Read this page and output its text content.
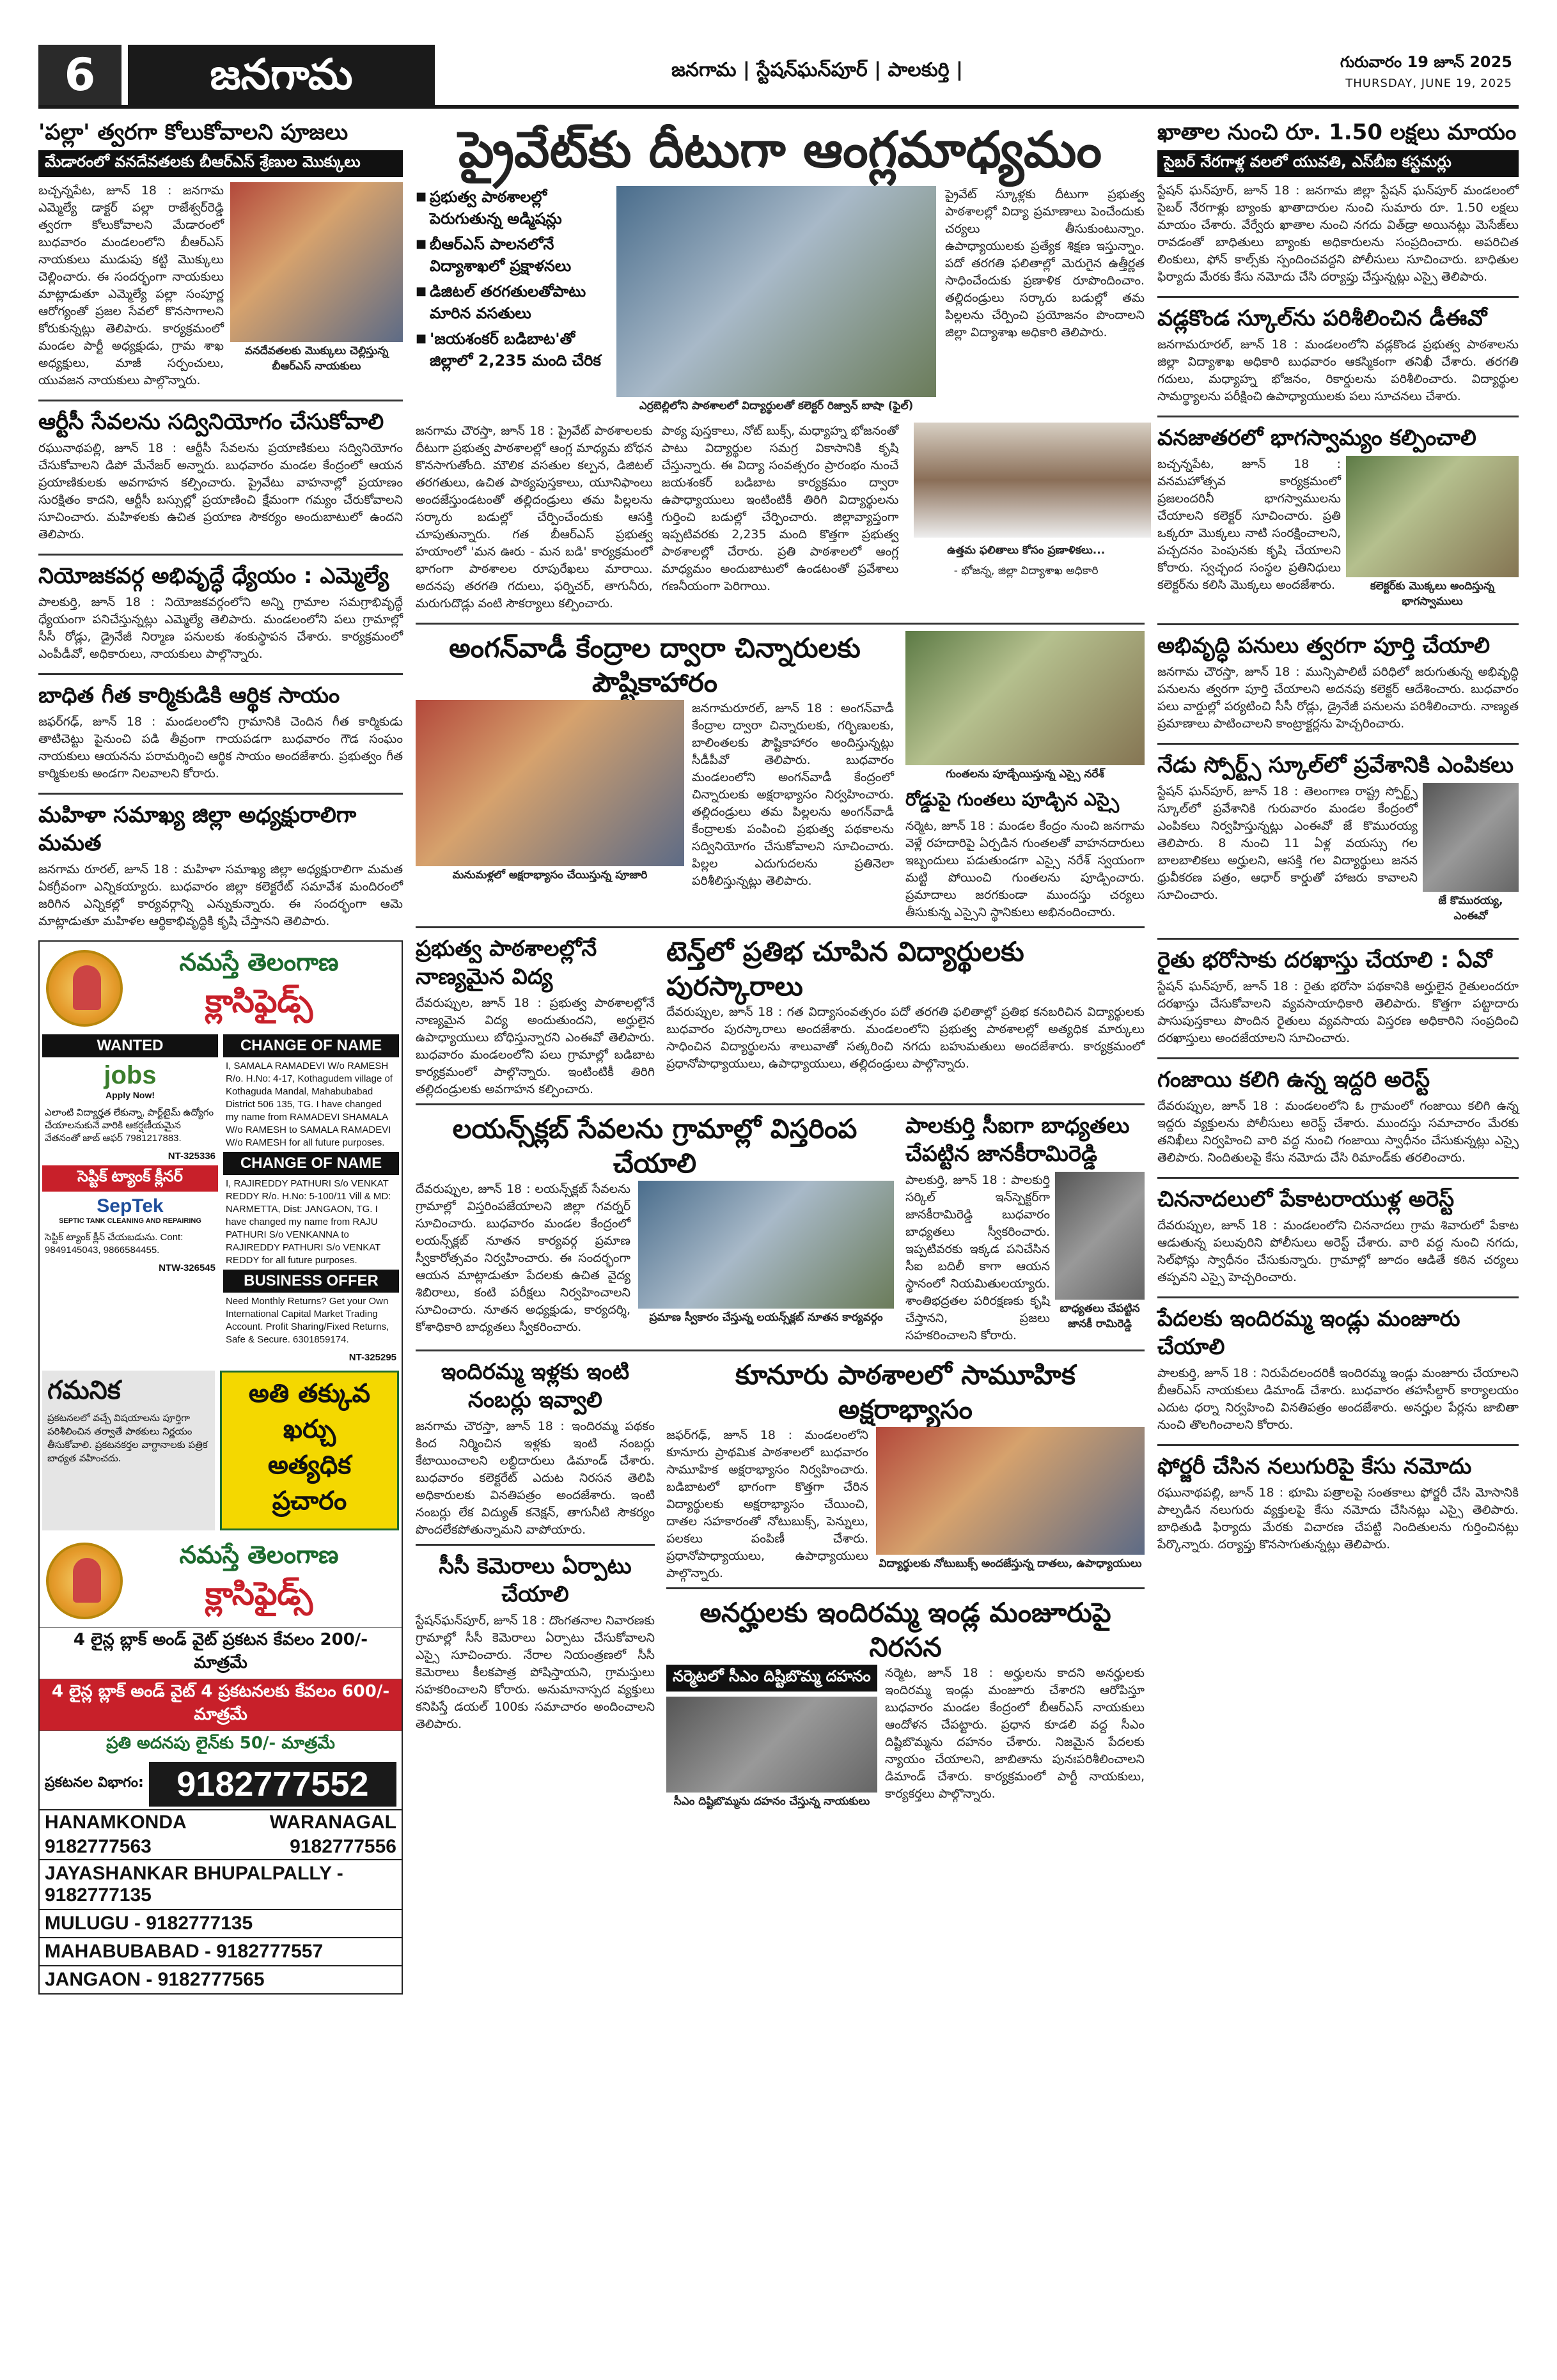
6	జనగామ	జనగామ | స్టేషన్‌ఘన్‌పూర్ | పాలకుర్తి |	గురువారం 19 జూన్ 2025
THURSDAY, JUNE 19, 2025
'పల్లా' త్వరగా కోలుకోవాలని పూజలు
మేడారంలో వనదేవతలకు బీఆర్ఎస్ శ్రేణుల మొక్కులు
బచ్చన్నపేట, జూన్ 18 : జనగామ ఎమ్మెల్యే డాక్టర్ పల్లా రాజేశ్వర్‌రెడ్డి త్వరగా కోలుకోవాలని మేడారంలో బుధవారం మండలంలోని బీఆర్ఎస్ నాయకులు ముడుపు కట్టి మొక్కులు చెల్లించారు. ఈ సందర్భంగా నాయకులు మాట్లాడుతూ ఎమ్మెల్యే పల్లా సంపూర్ణ ఆరోగ్యంతో ప్రజల సేవలో కొనసాగాలని కోరుకున్నట్లు తెలిపారు. కార్యక్రమంలో మండల పార్టీ అధ్యక్షుడు, గ్రామ శాఖ అధ్యక్షులు, మాజీ సర్పంచులు, యువజన నాయకులు పాల్గొన్నారు.
వనదేవతలకు మొక్కులు చెల్లిస్తున్న బీఆర్ఎస్ నాయకులు
ఆర్టీసీ సేవలను సద్వినియోగం చేసుకోవాలి
రఘునాథపల్లి, జూన్ 18 : ఆర్టీసీ సేవలను ప్రయాణికులు సద్వినియోగం చేసుకోవాలని డిపో మేనేజర్ అన్నారు. బుధవారం మండల కేంద్రంలో ఆయన ప్రయాణికులకు అవగాహన కల్పించారు. ప్రైవేటు వాహనాల్లో ప్రయాణం సురక్షితం కాదని, ఆర్టీసీ బస్సుల్లో ప్రయాణించి క్షేమంగా గమ్యం చేరుకోవాలని సూచించారు. మహిళలకు ఉచిత ప్రయాణ సౌకర్యం అందుబాటులో ఉందని తెలిపారు.
నియోజకవర్గ అభివృద్ధే ధ్యేయం : ఎమ్మెల్యే
పాలకుర్తి, జూన్ 18 : నియోజకవర్గంలోని అన్ని గ్రామాల సమగ్రాభివృద్ధే ధ్యేయంగా పనిచేస్తున్నట్లు ఎమ్మెల్యే తెలిపారు. మండలంలోని పలు గ్రామాల్లో సీసీ రోడ్లు, డ్రైనేజీ నిర్మాణ పనులకు శంకుస్థాపన చేశారు. కార్యక్రమంలో ఎంపీడీవో, అధికారులు, నాయకులు పాల్గొన్నారు.
బాధిత గీత కార్మికుడికి ఆర్థిక సాయం
జఫర్‌గఢ్, జూన్ 18 : మండలంలోని గ్రామానికి చెందిన గీత కార్మికుడు తాటిచెట్టు పైనుంచి పడి తీవ్రంగా గాయపడగా బుధవారం గౌడ సంఘం నాయకులు ఆయనను పరామర్శించి ఆర్థిక సాయం అందజేశారు. ప్రభుత్వం గీత కార్మికులకు అండగా నిలవాలని కోరారు.
మహిళా సమాఖ్య జిల్లా అధ్యక్షురాలిగా మమత
జనగామ రూరల్, జూన్ 18 : మహిళా సమాఖ్య జిల్లా అధ్యక్షురాలిగా మమత ఏకగ్రీవంగా ఎన్నికయ్యారు. బుధవారం జిల్లా కలెక్టరేట్ సమావేశ మందిరంలో జరిగిన ఎన్నికల్లో కార్యవర్గాన్ని ఎన్నుకున్నారు. ఈ సందర్భంగా ఆమె మాట్లాడుతూ మహిళల ఆర్థికాభివృద్ధికి కృషి చేస్తానని తెలిపారు.
నమస్తే తెలంగాణ
క్లాసిఫైడ్స్
WANTED
jobs
Apply Now!
ఎలాంటి విద్యార్హత లేకున్నా, పార్ట్‌టైమ్ ఉద్యోగం చేయాలనుకునే వారికి ఆకర్షణీయమైన వేతనంతో జాబ్ ఆఫర్ 7981217883.
NT-325336
సెప్టిక్ ట్యాంక్ క్లీనర్
SepTek
SEPTIC TANK CLEANING AND REPAIRING
సెప్టిక్ ట్యాంక్ క్లీన్ చేయబడును. Cont: 9849145043, 9866584455.
NTW-326545
CHANGE OF NAME
I, SAMALA RAMADEVI W/o RAMESH R/o. H.No: 4-17, Kothagudem village of Kothaguda Mandal, Mahabubabad District 506 135, TG. I have changed my name from RAMADEVI SHAMALA W/o RAMESH to SAMALA RAMADEVI W/o RAMESH for all future purposes.
CHANGE OF NAME
I, RAJIREDDY PATHURI S/o VENKAT REDDY R/o. H.No: 5-100/11 Vill & MD: NARMETTA, Dist: JANGAON, TG. I have changed my name from RAJU PATHURI S/o VENKANNA to RAJIREDDY PATHURI S/o VENKAT REDDY for all future purposes.
BUSINESS OFFER
Need Monthly Returns? Get your Own International Capital Market Trading Account. Profit Sharing/Fixed Returns, Safe & Secure. 6301859174.
NT-325295
గమనిక
ప్రకటనలలో వచ్చే విషయాలను పూర్తిగా పరిశీలించిన తర్వాతే పాఠకులు నిర్ణయం తీసుకోవాలి. ప్రకటనకర్తల వాగ్దానాలకు పత్రిక బాధ్యత వహించదు.
అతి తక్కువ ఖర్చు
అత్యధిక ప్రచారం
నమస్తే తెలంగాణ
క్లాసిఫైడ్స్
4 లైన్ల బ్లాక్ అండ్ వైట్ ప్రకటన కేవలం 200/- మాత్రమే
4 లైన్ల బ్లాక్ అండ్ వైట్ 4 ప్రకటనలకు కేవలం 600/- మాత్రమే
ప్రతి అదనపు లైన్‌కు 50/- మాత్రమే
ప్రకటనల విభాగం: 9182777552
HANAMKONDA	WARANAGAL
9182777563	9182777556
JAYASHANKAR BHUPALPALLY - 9182777135
MULUGU - 9182777135
MAHABUBABAD - 9182777557
JANGAON - 9182777565
ప్రైవేట్‌కు దీటుగా ఆంగ్లమాధ్యమం
■ ప్రభుత్వ పాఠశాలల్లో పెరుగుతున్న అడ్మిషన్లు
■ బీఆర్ఎస్ పాలనలోనే విద్యాశాఖలో ప్రక్షాళనలు
■ డిజిటల్ తరగతులతోపాటు మారిన వసతులు
■ 'జయశంకర్ బడిబాట'తో జిల్లాలో 2,235 మంది చేరిక
ఎర్రబెల్లిలోని పాఠశాలలో విద్యార్థులతో కలెక్టర్ రిజ్వాన్ బాషా (ఫైల్)
ప్రైవేట్ స్కూళ్లకు దీటుగా ప్రభుత్వ పాఠశాలల్లో విద్యా ప్రమాణాలు పెంచేందుకు చర్యలు తీసుకుంటున్నాం. ఉపాధ్యాయులకు ప్రత్యేక శిక్షణ ఇస్తున్నాం. పదో తరగతి ఫలితాల్లో మెరుగైన ఉత్తీర్ణత సాధించేందుకు ప్రణాళిక రూపొందించాం. తల్లిదండ్రులు సర్కారు బడుల్లో తమ పిల్లలను చేర్పించి ప్రయోజనం పొందాలని జిల్లా విద్యాశాఖ అధికారి తెలిపారు.
జనగామ చౌరస్తా, జూన్ 18 : ప్రైవేట్ పాఠశాలలకు దీటుగా ప్రభుత్వ పాఠశాలల్లో ఆంగ్ల మాధ్యమ బోధన కొనసాగుతోంది. మౌలిక వసతుల కల్పన, డిజిటల్ తరగతులు, ఉచిత పాఠ్యపుస్తకాలు, యూనిఫాంలు అందజేస్తుండటంతో తల్లిదండ్రులు తమ పిల్లలను సర్కారు బడుల్లో చేర్పించేందుకు ఆసక్తి చూపుతున్నారు. గత బీఆర్ఎస్ ప్రభుత్వ హయాంలో 'మన ఊరు - మన బడి' కార్యక్రమంలో భాగంగా పాఠశాలల రూపురేఖలు మారాయి. అదనపు తరగతి గదులు, ఫర్నిచర్, తాగునీరు, మరుగుదొడ్లు వంటి సౌకర్యాలు కల్పించారు.
పాఠ్య పుస్తకాలు, నోట్ బుక్స్, మధ్యాహ్న భోజనంతో పాటు విద్యార్థుల సమగ్ర వికాసానికి కృషి చేస్తున్నారు. ఈ విద్యా సంవత్సరం ప్రారంభం నుంచే జయశంకర్ బడిబాట కార్యక్రమం ద్వారా ఉపాధ్యాయులు ఇంటింటికీ తిరిగి విద్యార్థులను గుర్తించి బడుల్లో చేర్పించారు. జిల్లావ్యాప్తంగా ఇప్పటివరకు 2,235 మంది కొత్తగా ప్రభుత్వ పాఠశాలల్లో చేరారు. ప్రతి పాఠశాలలో ఆంగ్ల మాధ్యమం అందుబాటులో ఉండటంతో ప్రవేశాలు గణనీయంగా పెరిగాయి.
ఉత్తమ ఫలితాలు కోసం ప్రణాళికలు...
- భోజన్న, జిల్లా విద్యాశాఖ అధికారి
అంగన్‌వాడీ కేంద్రాల ద్వారా చిన్నారులకు పౌష్టికాహారం
మనుమళ్లలో అక్షరాభ్యాసం చేయిస్తున్న పూజారి
జనగామరూరల్, జూన్ 18 : అంగన్‌వాడీ కేంద్రాల ద్వారా చిన్నారులకు, గర్భిణులకు, బాలింతలకు పౌష్టికాహారం అందిస్తున్నట్లు సీడీపీవో తెలిపారు. బుధవారం మండలంలోని అంగన్‌వాడీ కేంద్రంలో చిన్నారులకు అక్షరాభ్యాసం నిర్వహించారు. తల్లిదండ్రులు తమ పిల్లలను అంగన్‌వాడీ కేంద్రాలకు పంపించి ప్రభుత్వ పథకాలను సద్వినియోగం చేసుకోవాలని సూచించారు. పిల్లల ఎదుగుదలను ప్రతినెలా పరిశీలిస్తున్నట్లు తెలిపారు.
గుంతలను పూడ్చేయిస్తున్న ఎస్సై నరేశ్
రోడ్డుపై గుంతలు పూడ్చిన ఎస్సై
నర్మెట, జూన్ 18 : మండల కేంద్రం నుంచి జనగామ వెళ్లే రహదారిపై ఏర్పడిన గుంతలతో వాహనదారులు ఇబ్బందులు పడుతుండగా ఎస్సై నరేశ్ స్వయంగా మట్టి పోయించి గుంతలను పూడ్పించారు. ప్రమాదాలు జరగకుండా ముందస్తు చర్యలు తీసుకున్న ఎస్సైని స్థానికులు అభినందించారు.
ప్రభుత్వ పాఠశాలల్లోనే నాణ్యమైన విద్య
దేవరుప్పుల, జూన్ 18 : ప్రభుత్వ పాఠశాలల్లోనే నాణ్యమైన విద్య అందుతుందని, అర్హులైన ఉపాధ్యాయులు బోధిస్తున్నారని ఎంఈవో తెలిపారు. బుధవారం మండలంలోని పలు గ్రామాల్లో బడిబాట కార్యక్రమంలో పాల్గొన్నారు. ఇంటింటికీ తిరిగి తల్లిదండ్రులకు అవగాహన కల్పించారు.
టెన్త్‌లో ప్రతిభ చూపిన విద్యార్థులకు పురస్కారాలు
దేవరుప్పుల, జూన్ 18 : గత విద్యాసంవత్సరం పదో తరగతి ఫలితాల్లో ప్రతిభ కనబరిచిన విద్యార్థులకు బుధవారం పురస్కారాలు అందజేశారు. మండలంలోని ప్రభుత్వ పాఠశాలల్లో అత్యధిక మార్కులు సాధించిన విద్యార్థులను శాలువాతో సత్కరించి నగదు బహుమతులు అందజేశారు. కార్యక్రమంలో ప్రధానోపాధ్యాయులు, ఉపాధ్యాయులు, తల్లిదండ్రులు పాల్గొన్నారు.
లయన్స్‌క్లబ్ సేవలను గ్రామాల్లో విస్తరింప చేయాలి
దేవరుప్పుల, జూన్ 18 : లయన్స్‌క్లబ్ సేవలను గ్రామాల్లో విస్తరింపజేయాలని జిల్లా గవర్నర్ సూచించారు. బుధవారం మండల కేంద్రంలో లయన్స్‌క్లబ్ నూతన కార్యవర్గ ప్రమాణ స్వీకారోత్సవం నిర్వహించారు. ఈ సందర్భంగా ఆయన మాట్లాడుతూ పేదలకు ఉచిత వైద్య శిబిరాలు, కంటి పరీక్షలు నిర్వహించాలని సూచించారు. నూతన అధ్యక్షుడు, కార్యదర్శి, కోశాధికారి బాధ్యతలు స్వీకరించారు.
ప్రమాణ స్వీకారం చేస్తున్న లయన్స్‌క్లబ్ నూతన కార్యవర్గం
పాలకుర్తి సీఐగా బాధ్యతలు చేపట్టిన జానకీరామిరెడ్డి
పాలకుర్తి, జూన్ 18 : పాలకుర్తి సర్కిల్ ఇన్‌స్పెక్టర్‌గా జానకీరామిరెడ్డి బుధవారం బాధ్యతలు స్వీకరించారు. ఇప్పటివరకు ఇక్కడ పనిచేసిన సీఐ బదిలీ కాగా ఆయన స్థానంలో నియమితులయ్యారు. శాంతిభద్రతల పరిరక్షణకు కృషి చేస్తానని, ప్రజలు సహకరించాలని కోరారు.
బాధ్యతలు చేపట్టిన జానకీ రామిరెడ్డి
ఇందిరమ్మ ఇళ్లకు ఇంటి నంబర్లు ఇవ్వాలి
జనగామ చౌరస్తా, జూన్ 18 : ఇందిరమ్మ పథకం కింద నిర్మించిన ఇళ్లకు ఇంటి నంబర్లు కేటాయించాలని లబ్ధిదారులు డిమాండ్ చేశారు. బుధవారం కలెక్టరేట్ ఎదుట నిరసన తెలిపి అధికారులకు వినతిపత్రం అందజేశారు. ఇంటి నంబర్లు లేక విద్యుత్ కనెక్షన్, తాగునీటి సౌకర్యం పొందలేకపోతున్నామని వాపోయారు.
సీసీ కెమెరాలు ఏర్పాటు చేయాలి
స్టేషన్‌ఘన్‌పూర్, జూన్ 18 : దొంగతనాల నివారణకు గ్రామాల్లో సీసీ కెమెరాలు ఏర్పాటు చేసుకోవాలని ఎస్సై సూచించారు. నేరాల నియంత్రణలో సీసీ కెమెరాలు కీలకపాత్ర పోషిస్తాయని, గ్రామస్తులు సహకరించాలని కోరారు. అనుమానాస్పద వ్యక్తులు కనిపిస్తే డయల్ 100కు సమాచారం అందించాలని తెలిపారు.
కూనూరు పాఠశాలలో సామూహిక అక్షరాభ్యాసం
జఫర్‌గఢ్, జూన్ 18 : మండలంలోని కూనూరు ప్రాథమిక పాఠశాలలో బుధవారం సామూహిక అక్షరాభ్యాసం నిర్వహించారు. బడిబాటలో భాగంగా కొత్తగా చేరిన విద్యార్థులకు అక్షరాభ్యాసం చేయించి, దాతల సహకారంతో నోటుబుక్స్, పెన్నులు, పలకలు పంపిణీ చేశారు. ప్రధానోపాధ్యాయులు, ఉపాధ్యాయులు పాల్గొన్నారు.
విద్యార్థులకు నోటుబుక్స్ అందజేస్తున్న దాతలు, ఉపాధ్యాయులు
అనర్హులకు ఇందిరమ్మ ఇండ్ల మంజూరుపై నిరసన
నర్మెటలో సీఎం దిష్టిబొమ్మ దహనం
సీఎం దిష్టిబొమ్మను దహనం చేస్తున్న నాయకులు
నర్మెట, జూన్ 18 : అర్హులను కాదని అనర్హులకు ఇందిరమ్మ ఇండ్లు మంజూరు చేశారని ఆరోపిస్తూ బుధవారం మండల కేంద్రంలో బీఆర్ఎస్ నాయకులు ఆందోళన చేపట్టారు. ప్రధాన కూడలి వద్ద సీఎం దిష్టిబొమ్మను దహనం చేశారు. నిజమైన పేదలకు న్యాయం చేయాలని, జాబితాను పునఃపరిశీలించాలని డిమాండ్ చేశారు. కార్యక్రమంలో పార్టీ నాయకులు, కార్యకర్తలు పాల్గొన్నారు.
ఖాతాల నుంచి రూ. 1.50 లక్షలు మాయం
సైబర్ నేరగాళ్ల వలలో యువతి, ఎస్‌బీఐ కస్టమర్లు
స్టేషన్ ఘన్‌పూర్, జూన్ 18 : జనగామ జిల్లా స్టేషన్ ఘన్‌పూర్ మండలంలో సైబర్ నేరగాళ్లు బ్యాంకు ఖాతాదారుల నుంచి సుమారు రూ. 1.50 లక్షలు మాయం చేశారు. వేర్వేరు ఖాతాల నుంచి నగదు విత్‌డ్రా అయినట్లు మెసేజ్‌లు రావడంతో బాధితులు బ్యాంకు అధికారులను సంప్రదించారు. అపరిచిత లింకులు, ఫోన్ కాల్స్‌కు స్పందించవద్దని పోలీసులు సూచించారు. బాధితుల ఫిర్యాదు మేరకు కేసు నమోదు చేసి దర్యాప్తు చేస్తున్నట్లు ఎస్సై తెలిపారు.
వడ్లకొండ స్కూల్‌ను పరిశీలించిన డీఈవో
జనగామరూరల్, జూన్ 18 : మండలంలోని వడ్లకొండ ప్రభుత్వ పాఠశాలను జిల్లా విద్యాశాఖ అధికారి బుధవారం ఆకస్మికంగా తనిఖీ చేశారు. తరగతి గదులు, మధ్యాహ్న భోజనం, రికార్డులను పరిశీలించారు. విద్యార్థుల సామర్థ్యాలను పరీక్షించి ఉపాధ్యాయులకు పలు సూచనలు చేశారు.
వనజాతరలో భాగస్వామ్యం కల్పించాలి
బచ్చన్నపేట, జూన్ 18 : వనమహోత్సవ కార్యక్రమంలో ప్రజలందరినీ భాగస్వాములను చేయాలని కలెక్టర్ సూచించారు. ప్రతి ఒక్కరూ మొక్కలు నాటి సంరక్షించాలని, పచ్చదనం పెంపునకు కృషి చేయాలని కోరారు. స్వచ్ఛంద సంస్థల ప్రతినిధులు కలెక్టర్‌ను కలిసి మొక్కలు అందజేశారు.	కలెక్టర్‌కు మొక్కలు అందిస్తున్న భాగస్వాములు
అభివృద్ధి పనులు త్వరగా పూర్తి చేయాలి
జనగామ చౌరస్తా, జూన్ 18 : మున్సిపాలిటీ పరిధిలో జరుగుతున్న అభివృద్ధి పనులను త్వరగా పూర్తి చేయాలని అదనపు కలెక్టర్ ఆదేశించారు. బుధవారం పలు వార్డుల్లో పర్యటించి సీసీ రోడ్లు, డ్రైనేజీ పనులను పరిశీలించారు. నాణ్యత ప్రమాణాలు పాటించాలని కాంట్రాక్టర్లను హెచ్చరించారు.
నేడు స్పోర్ట్స్ స్కూల్‌లో ప్రవేశానికి ఎంపికలు
స్టేషన్ ఘన్‌పూర్, జూన్ 18 : తెలంగాణ రాష్ట్ర స్పోర్ట్స్ స్కూల్‌లో ప్రవేశానికి గురువారం మండల కేంద్రంలో ఎంపికలు నిర్వహిస్తున్నట్లు ఎంఈవో జే కొమురయ్య తెలిపారు. 8 నుంచి 11 ఏళ్ల వయస్సు గల బాలబాలికలు అర్హులని, ఆసక్తి గల విద్యార్థులు జనన ధ్రువీకరణ పత్రం, ఆధార్ కార్డుతో హాజరు కావాలని సూచించారు.	జే కొమురయ్య, ఎంఈవో
రైతు భరోసాకు దరఖాస్తు చేయాలి : ఏవో
స్టేషన్ ఘన్‌పూర్, జూన్ 18 : రైతు భరోసా పథకానికి అర్హులైన రైతులందరూ దరఖాస్తు చేసుకోవాలని వ్యవసాయాధికారి తెలిపారు. కొత్తగా పట్టాదారు పాసుపుస్తకాలు పొందిన రైతులు వ్యవసాయ విస్తరణ అధికారిని సంప్రదించి దరఖాస్తులు అందజేయాలని సూచించారు.
గంజాయి కలిగి ఉన్న ఇద్దరి అరెస్ట్
దేవరుప్పుల, జూన్ 18 : మండలంలోని ఓ గ్రామంలో గంజాయి కలిగి ఉన్న ఇద్దరు వ్యక్తులను పోలీసులు అరెస్ట్ చేశారు. ముందస్తు సమాచారం మేరకు తనిఖీలు నిర్వహించి వారి వద్ద నుంచి గంజాయి స్వాధీనం చేసుకున్నట్లు ఎస్సై తెలిపారు. నిందితులపై కేసు నమోదు చేసి రిమాండ్‌కు తరలించారు.
చిననాదలులో పేకాటరాయుళ్ల అరెస్ట్
దేవరుప్పుల, జూన్ 18 : మండలంలోని చిననాదలు గ్రామ శివారులో పేకాట ఆడుతున్న పలువురిని పోలీసులు అరెస్ట్ చేశారు. వారి వద్ద నుంచి నగదు, సెల్‌ఫోన్లు స్వాధీనం చేసుకున్నారు. గ్రామాల్లో జూదం ఆడితే కఠిన చర్యలు తప్పవని ఎస్సై హెచ్చరించారు.
పేదలకు ఇందిరమ్మ ఇండ్లు మంజూరు చేయాలి
పాలకుర్తి, జూన్ 18 : నిరుపేదలందరికీ ఇందిరమ్మ ఇండ్లు మంజూరు చేయాలని బీఆర్ఎస్ నాయకులు డిమాండ్ చేశారు. బుధవారం తహసీల్దార్ కార్యాలయం ఎదుట ధర్నా నిర్వహించి వినతిపత్రం అందజేశారు. అనర్హుల పేర్లను జాబితా నుంచి తొలగించాలని కోరారు.
ఫోర్జరీ చేసిన నలుగురిపై కేసు నమోదు
రఘునాథపల్లి, జూన్ 18 : భూమి పత్రాలపై సంతకాలు ఫోర్జరీ చేసి మోసానికి పాల్పడిన నలుగురు వ్యక్తులపై కేసు నమోదు చేసినట్లు ఎస్సై తెలిపారు. బాధితుడి ఫిర్యాదు మేరకు విచారణ చేపట్టి నిందితులను గుర్తించినట్లు పేర్కొన్నారు. దర్యాప్తు కొనసాగుతున్నట్లు తెలిపారు.
